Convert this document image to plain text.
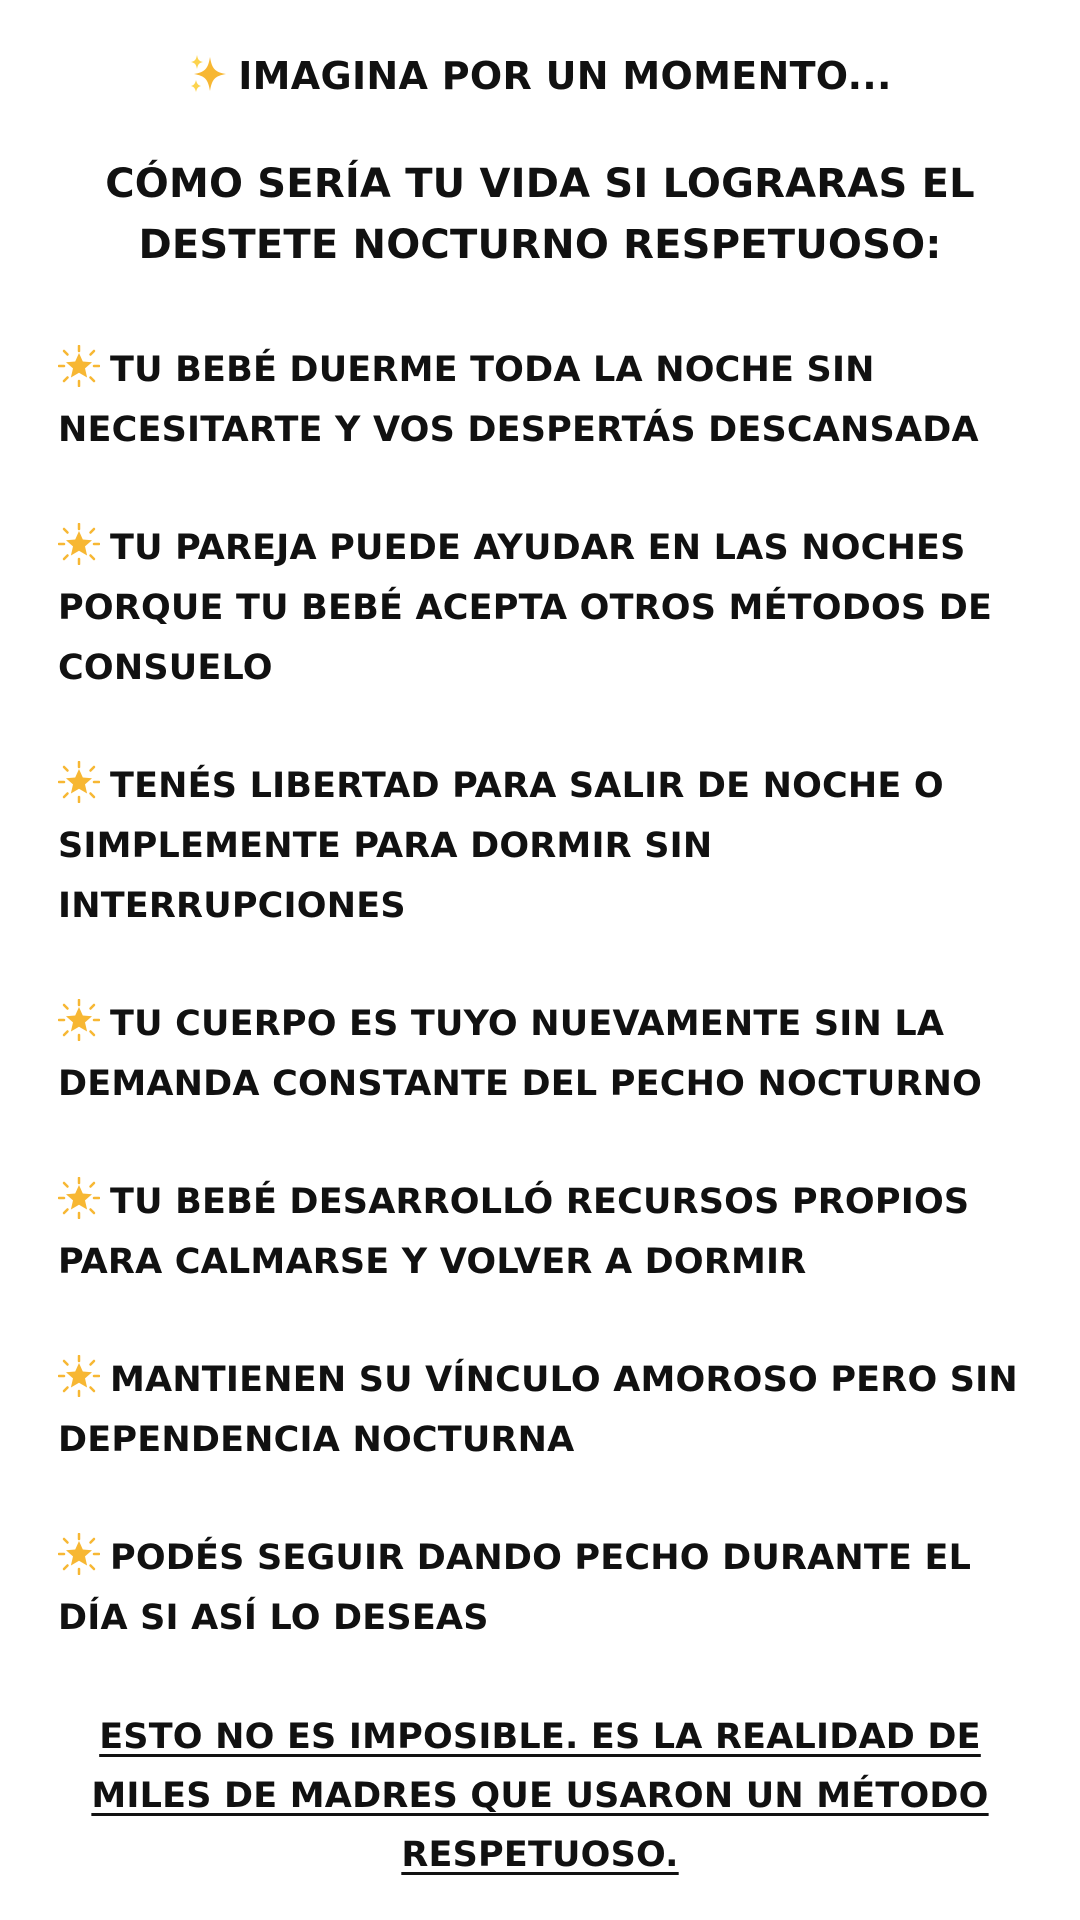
IMAGINA POR UN MOMENTO...

CÓMO SERÍA TU VIDA SI LOGRARAS EL DESTETE NOCTURNO RESPETUOSO:
TU BEBÉ DUERME TODA LA NOCHE SIN NECESITARTE Y VOS DESPERTÁS DESCANSADA
TU PAREJA PUEDE AYUDAR EN LAS NOCHES PORQUE TU BEBÉ ACEPTA OTROS MÉTODOS DE CONSUELO
TENÉS LIBERTAD PARA SALIR DE NOCHE O SIMPLEMENTE PARA DORMIR SIN INTERRUPCIONES
TU CUERPO ES TUYO NUEVAMENTE SIN LA DEMANDA CONSTANTE DEL PECHO NOCTURNO
TU BEBÉ DESARROLLÓ RECURSOS PROPIOS PARA CALMARSE Y VOLVER A DORMIR
MANTIENEN SU VÍNCULO AMOROSO PERO SIN DEPENDENCIA NOCTURNA
PODÉS SEGUIR DANDO PECHO DURANTE EL DÍA SI ASÍ LO DESEAS

ESTO NO ES IMPOSIBLE. ES LA REALIDAD DE MILES DE MADRES QUE USARON UN MÉTODO RESPETUOSO.
